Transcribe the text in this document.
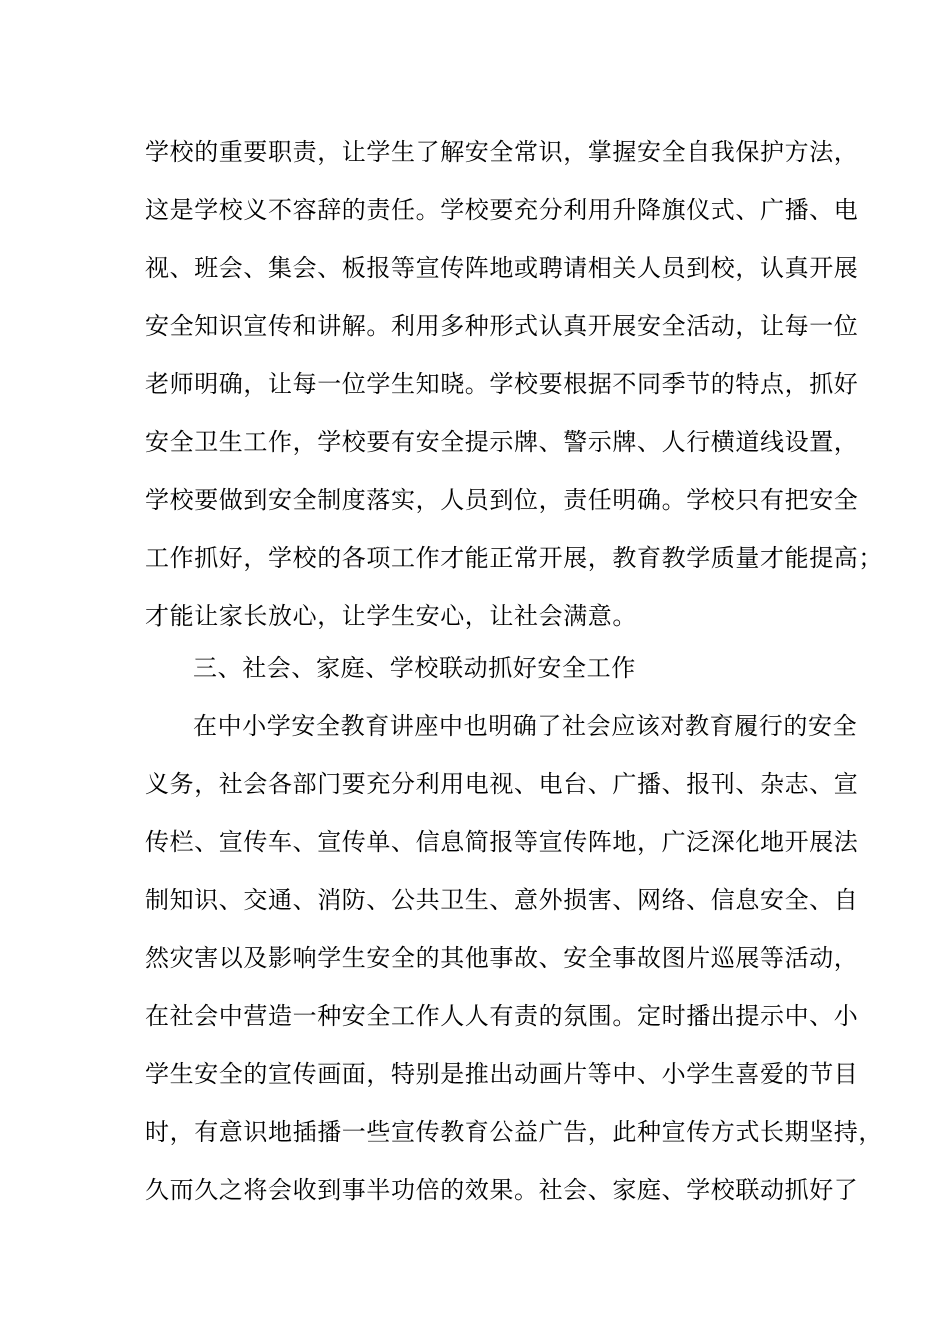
学校的重要职责，让学生了解安全常识，掌握安全自我保护方法，
这是学校义不容辞的责任。学校要充分利用升降旗仪式、广播、电
视、班会、集会、板报等宣传阵地或聘请相关人员到校，认真开展
安全知识宣传和讲解。利用多种形式认真开展安全活动，让每一位
老师明确，让每一位学生知晓。学校要根据不同季节的特点，抓好
安全卫生工作，学校要有安全提示牌、警示牌、人行横道线设置，
学校要做到安全制度落实，人员到位，责任明确。学校只有把安全
工作抓好，学校的各项工作才能正常开展，教育教学质量才能提高；
才能让家长放心，让学生安心，让社会满意。
三、社会、家庭、学校联动抓好安全工作
在中小学安全教育讲座中也明确了社会应该对教育履行的安全
义务，社会各部门要充分利用电视、电台、广播、报刊、杂志、宣
传栏、宣传车、宣传单、信息简报等宣传阵地，广泛深化地开展法
制知识、交通、消防、公共卫生、意外损害、网络、信息安全、自
然灾害以及影响学生安全的其他事故、安全事故图片巡展等活动，
在社会中营造一种安全工作人人有责的氛围。定时播出提示中、小
学生安全的宣传画面，特别是推出动画片等中、小学生喜爱的节目
时，有意识地插播一些宣传教育公益广告，此种宣传方式长期坚持，
久而久之将会收到事半功倍的效果。社会、家庭、学校联动抓好了
